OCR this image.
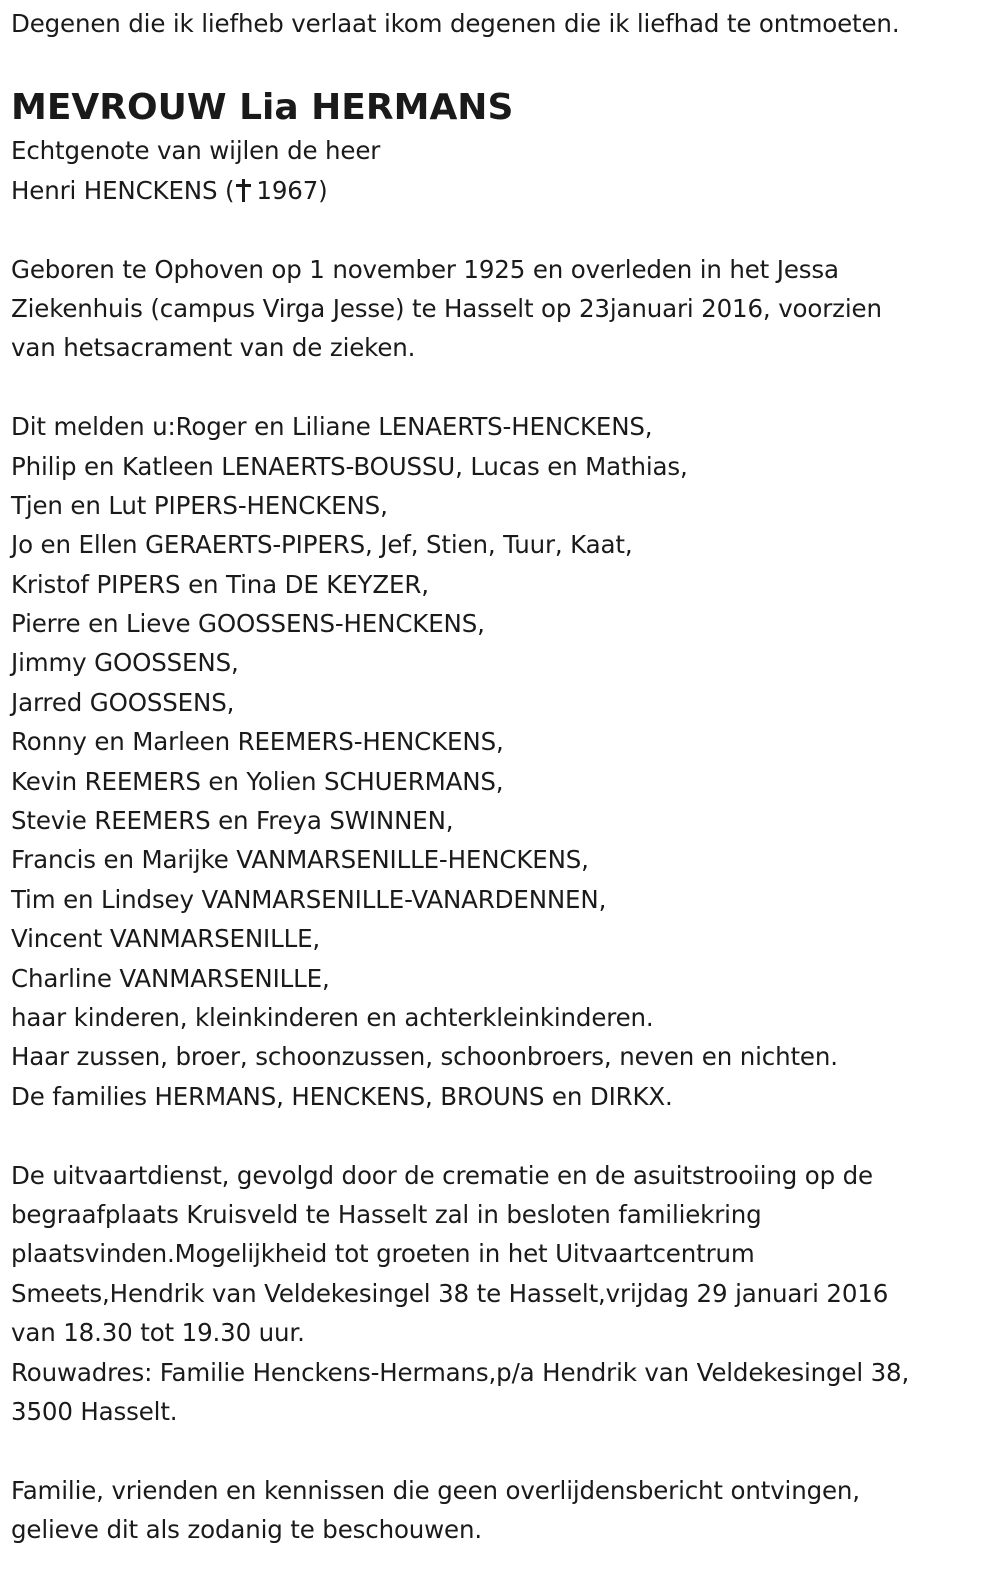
Degenen die ik liefheb verlaat ikom degenen die ik liefhad te ontmoeten.
MEVROUW Lia HERMANS
Echtgenote van wijlen de heer
Henri HENCKENS ( 1967)
Geboren te Ophoven op 1 november 1925 en overleden in het Jessa
Ziekenhuis (campus Virga Jesse) te Hasselt op 23januari 2016, voorzien
van hetsacrament van de zieken.
Dit melden u:Roger en Liliane LENAERTS-HENCKENS,
Philip en Katleen LENAERTS-BOUSSU, Lucas en Mathias,
Tjen en Lut PIPERS-HENCKENS,
Jo en Ellen GERAERTS-PIPERS, Jef, Stien, Tuur, Kaat,
Kristof PIPERS en Tina DE KEYZER,
Pierre en Lieve GOOSSENS-HENCKENS,
Jimmy GOOSSENS,
Jarred GOOSSENS,
Ronny en Marleen REEMERS-HENCKENS,
Kevin REEMERS en Yolien SCHUERMANS,
Stevie REEMERS en Freya SWINNEN,
Francis en Marijke VANMARSENILLE-HENCKENS,
Tim en Lindsey VANMARSENILLE-VANARDENNEN,
Vincent VANMARSENILLE,
Charline VANMARSENILLE,
haar kinderen, kleinkinderen en achterkleinkinderen.
Haar zussen, broer, schoonzussen, schoonbroers, neven en nichten.
De families HERMANS, HENCKENS, BROUNS en DIRKX.
De uitvaartdienst, gevolgd door de crematie en de asuitstrooiing op de
begraafplaats Kruisveld te Hasselt zal in besloten familiekring
plaatsvinden.Mogelijkheid tot groeten in het Uitvaartcentrum
Smeets,Hendrik van Veldekesingel 38 te Hasselt,vrijdag 29 januari 2016
van 18.30 tot 19.30 uur.
Rouwadres: Familie Henckens-Hermans,p/a Hendrik van Veldekesingel 38,
3500 Hasselt.
Familie, vrienden en kennissen die geen overlijdensbericht ontvingen,
gelieve dit als zodanig te beschouwen.
